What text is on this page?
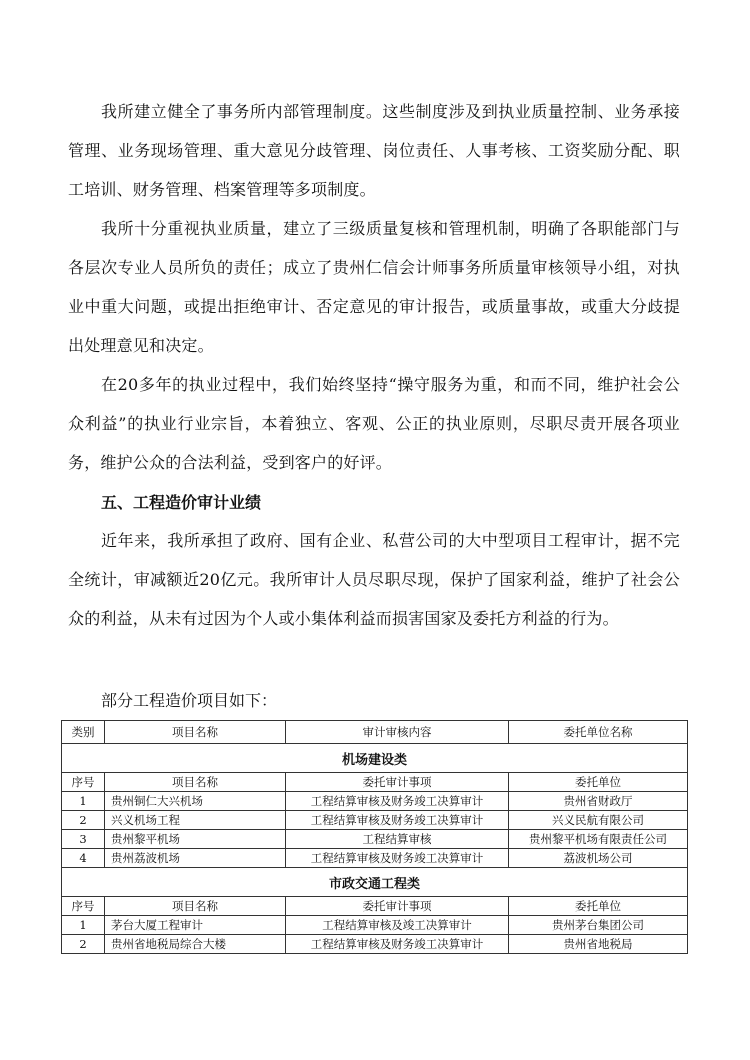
我所建立健全了事务所内部管理制度。这些制度涉及到执业质量控制、业务承接管理、业务现场管理、重大意见分歧管理、岗位责任、人事考核、工资奖励分配、职工培训、财务管理、档案管理等多项制度。

我所十分重视执业质量，建立了三级质量复核和管理机制，明确了各职能部门与各层次专业人员所负的责任；成立了贵州仁信会计师事务所质量审核领导小组，对执业中重大问题，或提出拒绝审计、否定意见的审计报告，或质量事故，或重大分歧提出处理意见和决定。

在20多年的执业过程中，我们始终坚持“操守服务为重，和而不同，维护社会公众利益”的执业行业宗旨，本着独立、客观、公正的执业原则，尽职尽责开展各项业务，维护公众的合法利益，受到客户的好评。

五、工程造价审计业绩

近年来，我所承担了政府、国有企业、私营公司的大中型项目工程审计，据不完全统计，审减额近20亿元。我所审计人员尽职尽现，保护了国家利益，维护了社会公众的利益，从未有过因为个人或小集体利益而损害国家及委托方利益的行为。

部分工程造价项目如下：

类别	项目名称	审计审核内容	委托单位名称
机场建设类			
序号	项目名称	委托审计事项	委托单位
1	贵州铜仁大兴机场	工程结算审核及财务竣工决算审计	贵州省财政厅
2	兴义机场工程	工程结算审核及财务竣工决算审计	兴义民航有限公司
3	贵州黎平机场	工程结算审核	贵州黎平机场有限责任公司
4	贵州荔波机场	工程结算审核及财务竣工决算审计	荔波机场公司
市政交通工程类			
序号	项目名称	委托审计事项	委托单位
1	茅台大厦工程审计	工程结算审核及竣工决算审计	贵州茅台集团公司
2	贵州省地税局综合大楼	工程结算审核及财务竣工决算审计	贵州省地税局
